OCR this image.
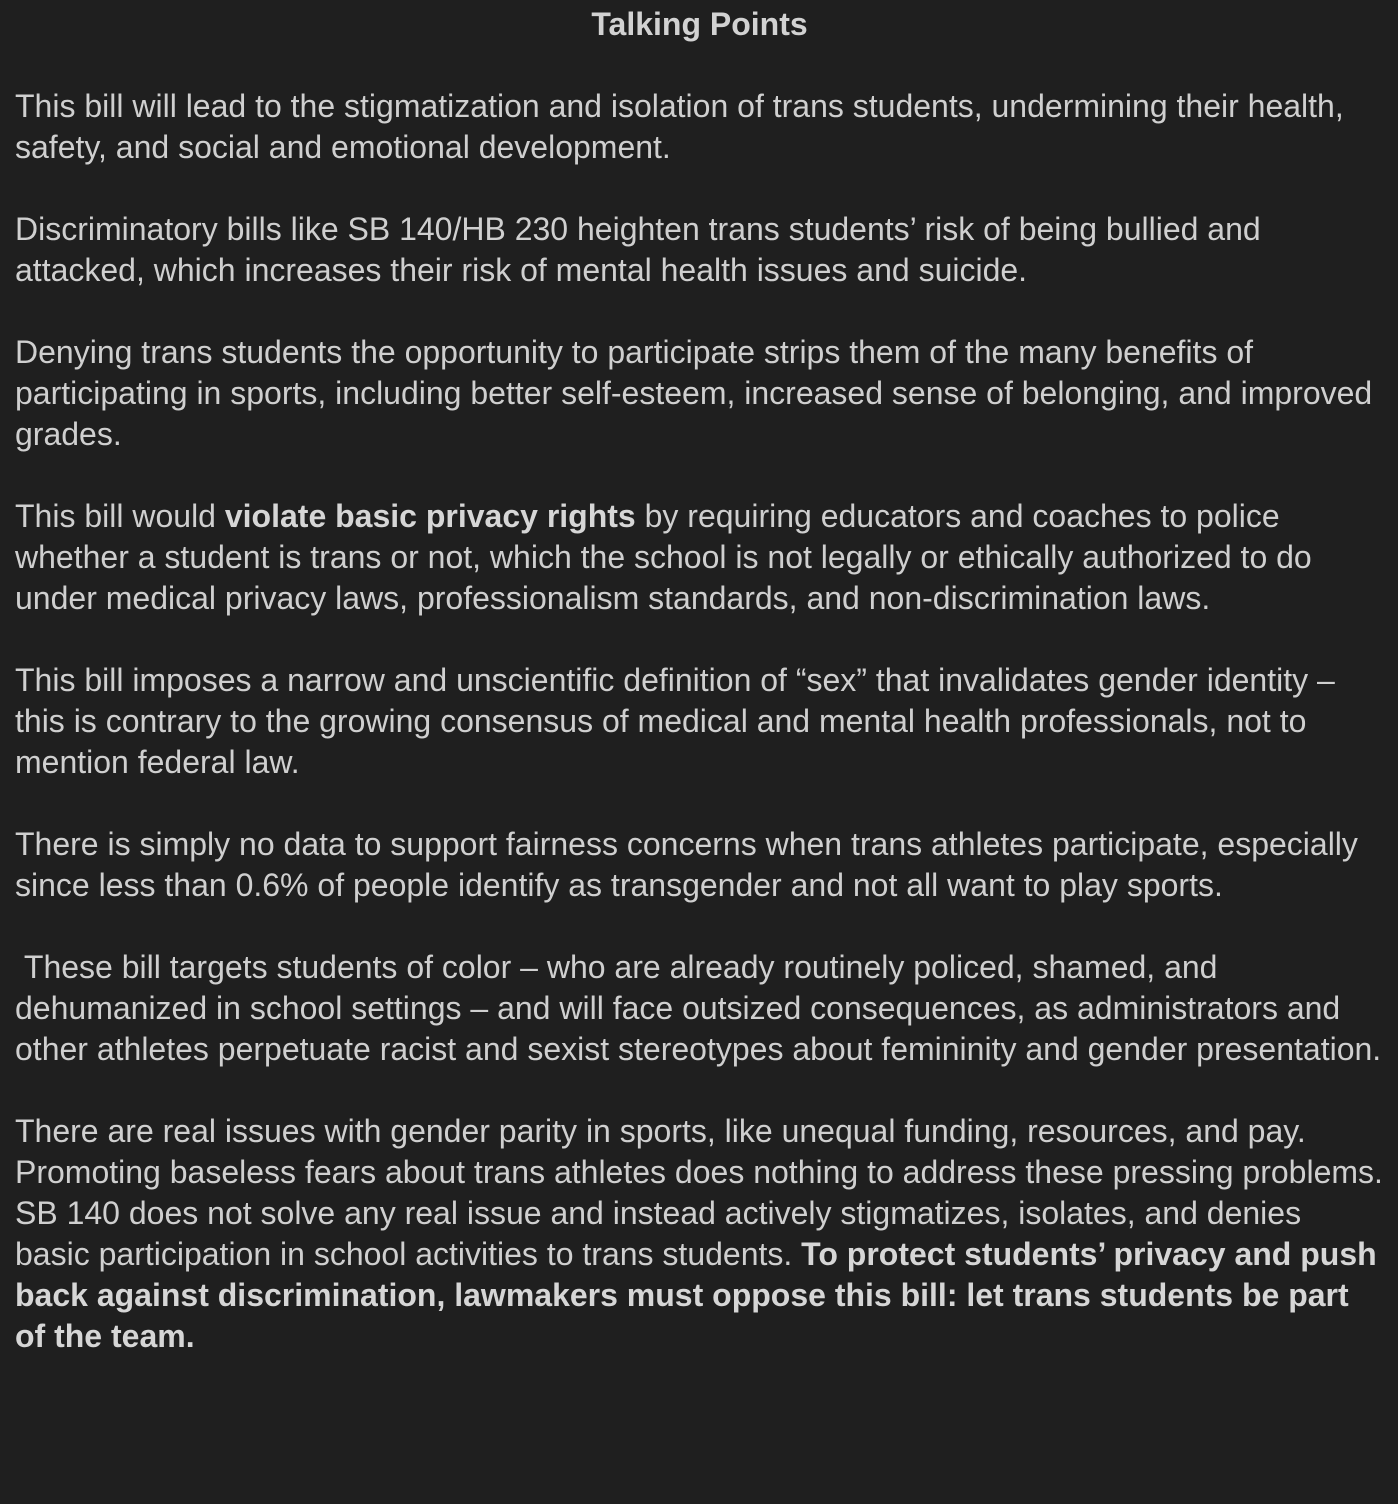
Talking Points

This bill will lead to the stigmatization and isolation of trans students, undermining their health, safety, and social and emotional development.

Discriminatory bills like SB 140/HB 230 heighten trans students’ risk of being bullied and attacked, which increases their risk of mental health issues and suicide.

Denying trans students the opportunity to participate strips them of the many benefits of participating in sports, including better self-esteem, increased sense of belonging, and improved grades.

This bill would violate basic privacy rights by requiring educators and coaches to police whether a student is trans or not, which the school is not legally or ethically authorized to do under medical privacy laws, professionalism standards, and non-discrimination laws.

This bill imposes a narrow and unscientific definition of “sex” that invalidates gender identity – this is contrary to the growing consensus of medical and mental health professionals, not to mention federal law.

There is simply no data to support fairness concerns when trans athletes participate, especially since less than 0.6% of people identify as transgender and not all want to play sports.

These bill targets students of color – who are already routinely policed, shamed, and dehumanized in school settings – and will face outsized consequences, as administrators and other athletes perpetuate racist and sexist stereotypes about femininity and gender presentation.

There are real issues with gender parity in sports, like unequal funding, resources, and pay. Promoting baseless fears about trans athletes does nothing to address these pressing problems. SB 140 does not solve any real issue and instead actively stigmatizes, isolates, and denies basic participation in school activities to trans students. To protect students’ privacy and push back against discrimination, lawmakers must oppose this bill: let trans students be part of the team.
